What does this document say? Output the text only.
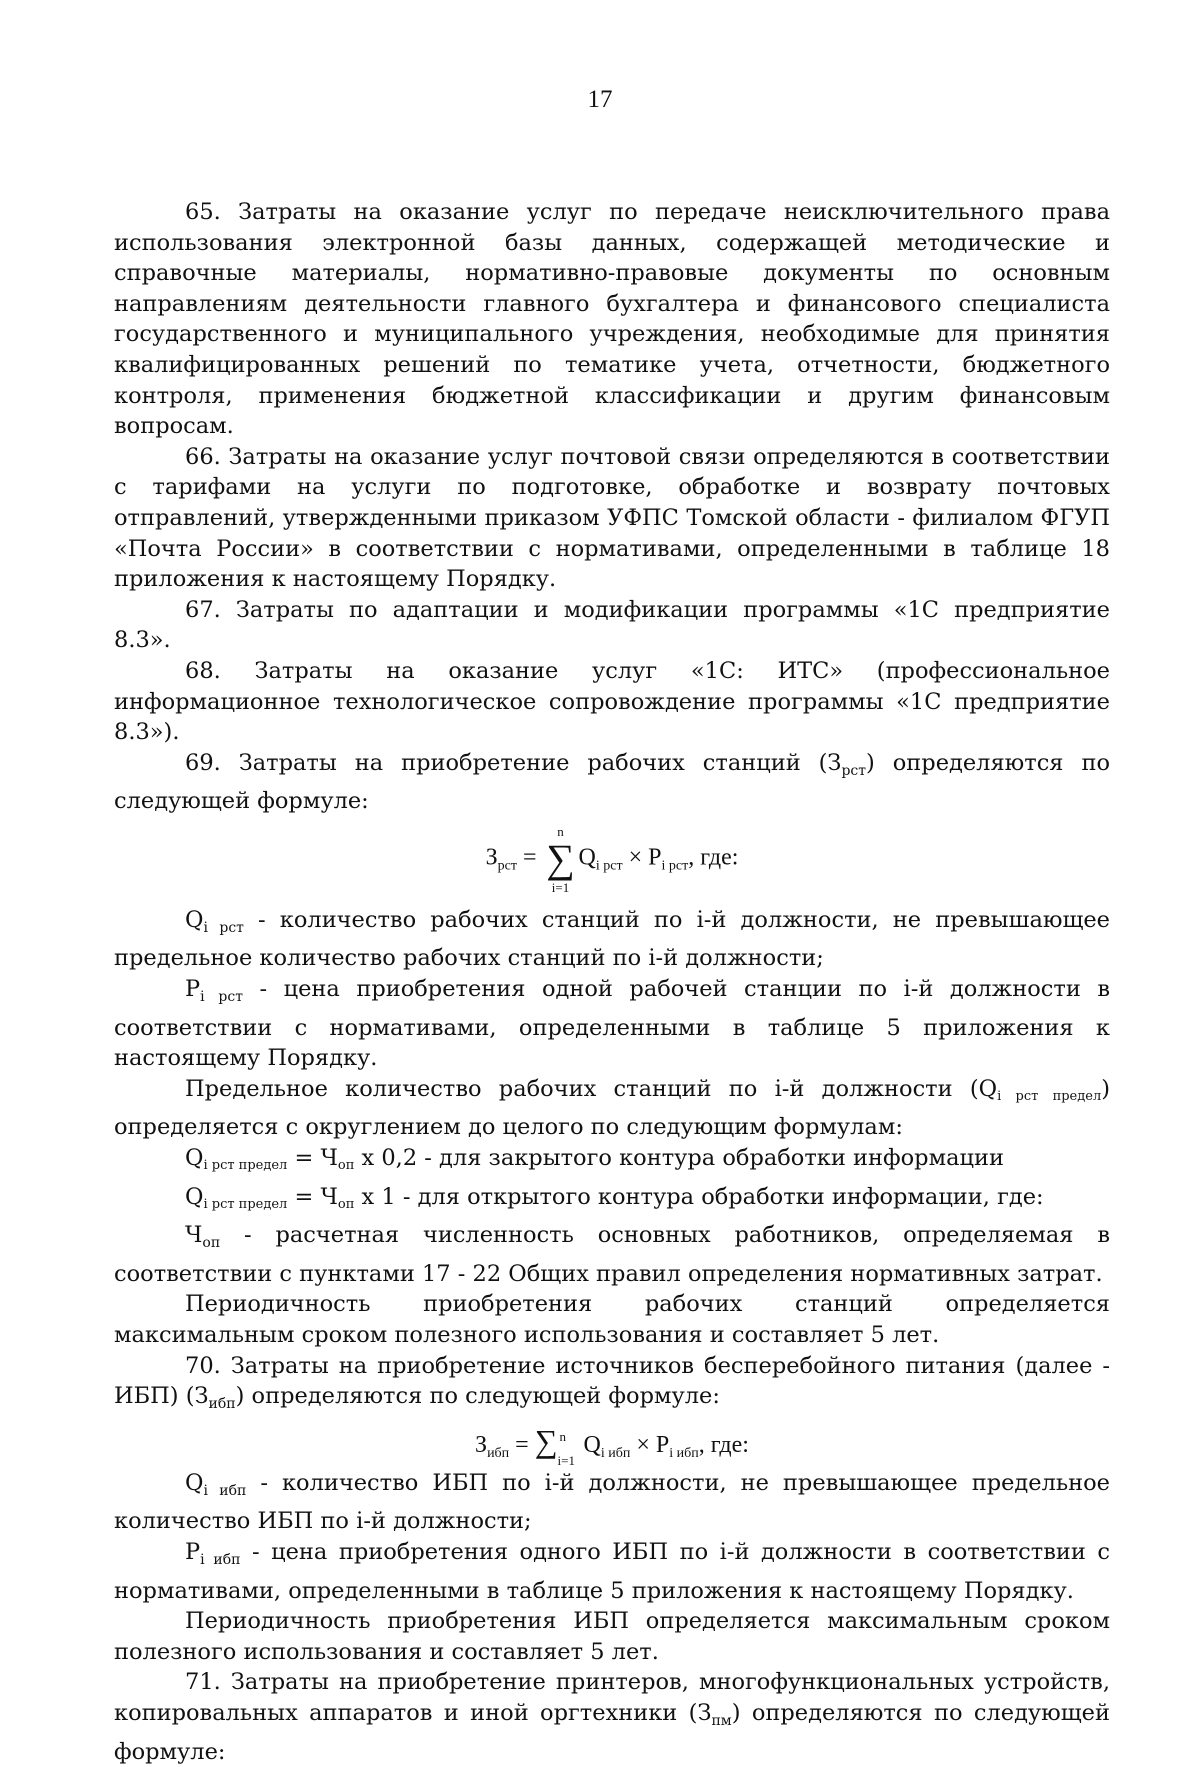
17

65. Затраты на оказание услуг по передаче неисключительного права использования электронной базы данных, содержащей методические и справочные материалы, нормативно-правовые документы по основным направлениям деятельности главного бухгалтера и финансового специалиста государственного и муниципального учреждения, необходимые для принятия квалифицированных решений по тематике учета, отчетности, бюджетного контроля, применения бюджетной классификации и другим финансовым вопросам.

66. Затраты на оказание услуг почтовой связи определяются в соответствии с тарифами на услуги по подготовке, обработке и возврату почтовых отправлений, утвержденными приказом УФПС Томской области - филиалом ФГУП «Почта России» в соответствии с нормативами, определенными в таблице 18 приложения к настоящему Порядку.

67. Затраты по адаптации и модификации программы «1С предприятие 8.3».

68. Затраты на оказание услуг «1С: ИТС» (профессиональное информационное технологическое сопровождение программы «1С предприятие 8.3»).

69. Затраты на приобретение рабочих станций $(З_{рст})$ определяются по следующей формуле:

$З_{рст}$ =
n
∑
i=1
$Q_{i рст} \times P_{i рст}$, где:

$Q_{i рст}$ - количество рабочих станций по i-й должности, не превышающее предельное количество рабочих станций по i-й должности;

$P_{i рст}$ - цена приобретения одной рабочей станции по i-й должности в соответствии с нормативами, определенными в таблице 5 приложения к настоящему Порядку.

Предельное количество рабочих станций по i-й должности (Qi рст предел) определяется с округлением до целого по следующим формулам:

Qi рст предел = Чоп х 0,2 - для закрытого контура обработки информации

Qi рст предел = Чоп х 1 - для открытого контура обработки информации, где:

$Ч_{оп}$ - расчетная численность основных работников, определяемая в соответствии с пунктами 17 - 22 Общих правил определения нормативных затрат.

Периодичность приобретения рабочих станций определяется максимальным сроком полезного использования и составляет 5 лет.

70. Затраты на приобретение источников бесперебойного питания (далее - ИБП) $(З_{ибп})$ определяются по следующей формуле:

$З_{ибп}$ = ∑ n
i=1
$Q_{i ибп} \times P_{i ибп}$, где:

$Q_{i ибп}$ - количество ИБП по i-й должности, не превышающее предельное количество ИБП по i-й должности;

$P_{i ибп}$ - цена приобретения одного ИБП по i-й должности в соответствии с нормативами, определенными в таблице 5 приложения к настоящему Порядку.

Периодичность приобретения ИБП определяется максимальным сроком полезного использования и составляет 5 лет.

71. Затраты на приобретение принтеров, многофункциональных устройств, копировальных аппаратов и иной оргтехники $(З_{пм})$ определяются по следующей формуле:
